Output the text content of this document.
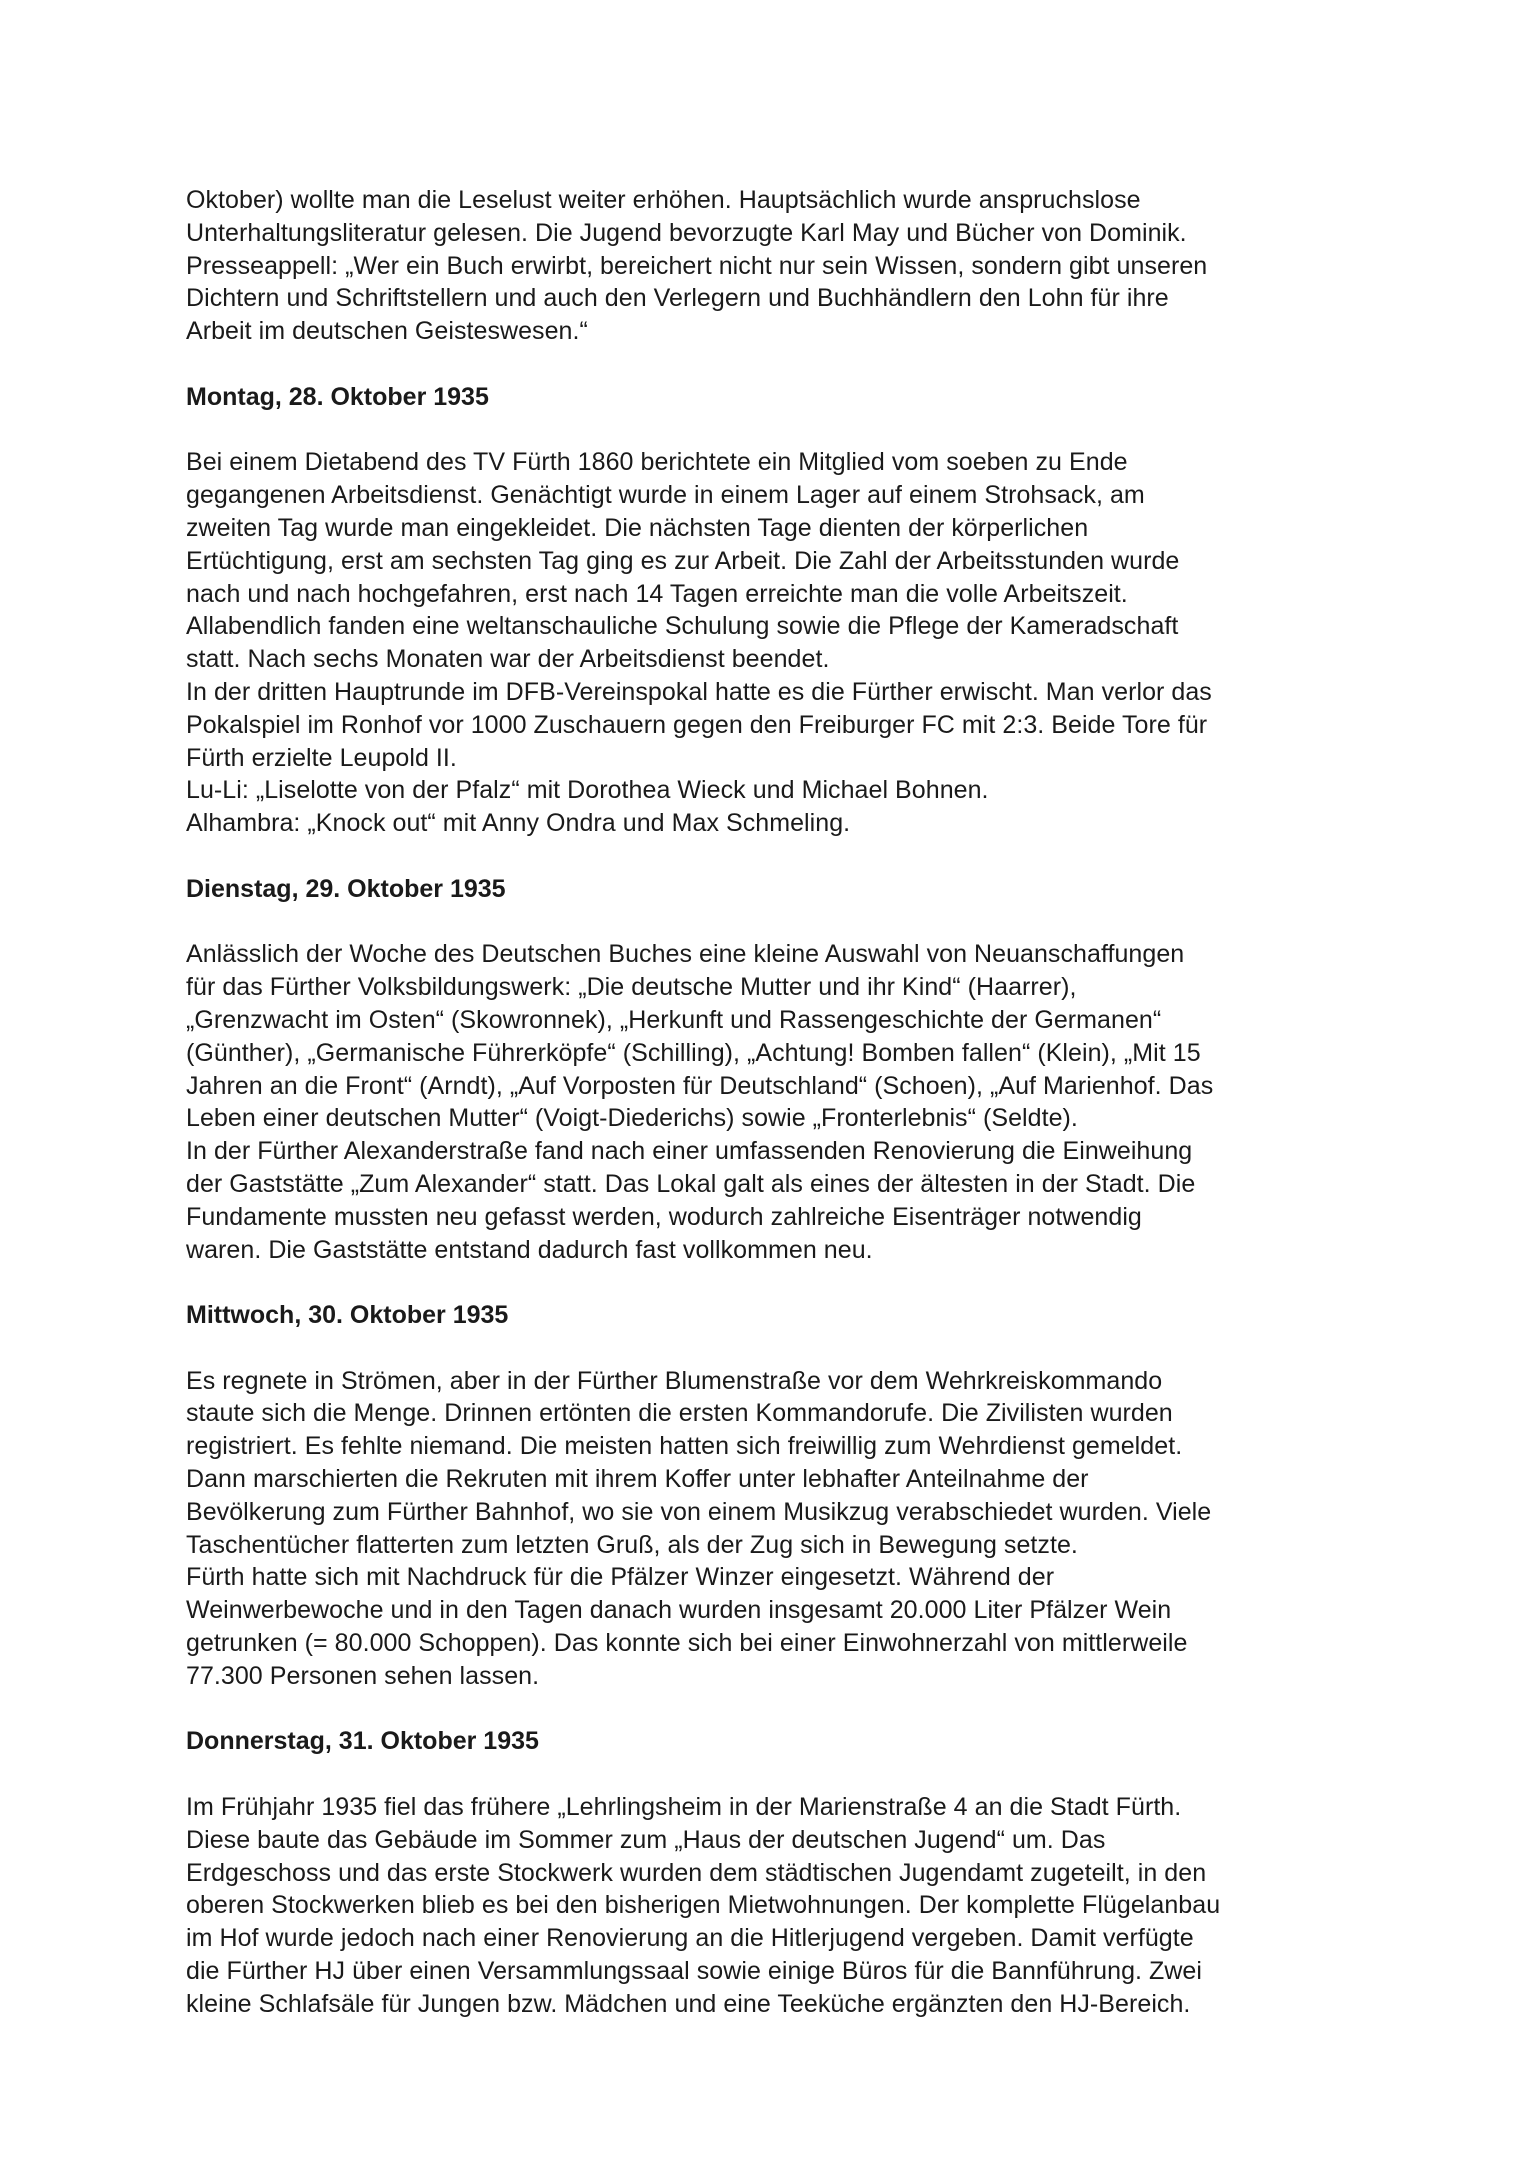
Oktober) wollte man die Leselust weiter erhöhen. Hauptsächlich wurde anspruchslose
Unterhaltungsliteratur gelesen. Die Jugend bevorzugte Karl May und Bücher von Dominik.
Presseappell: „Wer ein Buch erwirbt, bereichert nicht nur sein Wissen, sondern gibt unseren
Dichtern und Schriftstellern und auch den Verlegern und Buchhändlern den Lohn für ihre
Arbeit im deutschen Geisteswesen.“

Montag, 28. Oktober 1935

Bei einem Dietabend des TV Fürth 1860 berichtete ein Mitglied vom soeben zu Ende
gegangenen Arbeitsdienst. Genächtigt wurde in einem Lager auf einem Strohsack, am
zweiten Tag wurde man eingekleidet. Die nächsten Tage dienten der körperlichen
Ertüchtigung, erst am sechsten Tag ging es zur Arbeit. Die Zahl der Arbeitsstunden wurde
nach und nach hochgefahren, erst nach 14 Tagen erreichte man die volle Arbeitszeit.
Allabendlich fanden eine weltanschauliche Schulung sowie die Pflege der Kameradschaft
statt. Nach sechs Monaten war der Arbeitsdienst beendet.
In der dritten Hauptrunde im DFB-Vereinspokal hatte es die Fürther erwischt. Man verlor das
Pokalspiel im Ronhof vor 1000 Zuschauern gegen den Freiburger FC mit 2:3. Beide Tore für
Fürth erzielte Leupold II.
Lu-Li: „Liselotte von der Pfalz“ mit Dorothea Wieck und Michael Bohnen.
Alhambra: „Knock out“ mit Anny Ondra und Max Schmeling.

Dienstag, 29. Oktober 1935

Anlässlich der Woche des Deutschen Buches eine kleine Auswahl von Neuanschaffungen
für das Fürther Volksbildungswerk: „Die deutsche Mutter und ihr Kind“ (Haarrer),
„Grenzwacht im Osten“ (Skowronnek), „Herkunft und Rassengeschichte der Germanen“
(Günther), „Germanische Führerköpfe“ (Schilling), „Achtung! Bomben fallen“ (Klein), „Mit 15
Jahren an die Front“ (Arndt), „Auf Vorposten für Deutschland“ (Schoen), „Auf Marienhof. Das
Leben einer deutschen Mutter“ (Voigt-Diederichs) sowie „Fronterlebnis“ (Seldte).
In der Fürther Alexanderstraße fand nach einer umfassenden Renovierung die Einweihung
der Gaststätte „Zum Alexander“ statt. Das Lokal galt als eines der ältesten in der Stadt. Die
Fundamente mussten neu gefasst werden, wodurch zahlreiche Eisenträger notwendig
waren. Die Gaststätte entstand dadurch fast vollkommen neu.

Mittwoch, 30. Oktober 1935

Es regnete in Strömen, aber in der Fürther Blumenstraße vor dem Wehrkreiskommando
staute sich die Menge. Drinnen ertönten die ersten Kommandorufe. Die Zivilisten wurden
registriert. Es fehlte niemand. Die meisten hatten sich freiwillig zum Wehrdienst gemeldet.
Dann marschierten die Rekruten mit ihrem Koffer unter lebhafter Anteilnahme der
Bevölkerung zum Fürther Bahnhof, wo sie von einem Musikzug verabschiedet wurden. Viele
Taschentücher flatterten zum letzten Gruß, als der Zug sich in Bewegung setzte.
Fürth hatte sich mit Nachdruck für die Pfälzer Winzer eingesetzt. Während der
Weinwerbewoche und in den Tagen danach wurden insgesamt 20.000 Liter Pfälzer Wein
getrunken (= 80.000 Schoppen). Das konnte sich bei einer Einwohnerzahl von mittlerweile
77.300 Personen sehen lassen.

Donnerstag, 31. Oktober 1935

Im Frühjahr 1935 fiel das frühere „Lehrlingsheim in der Marienstraße 4 an die Stadt Fürth.
Diese baute das Gebäude im Sommer zum „Haus der deutschen Jugend“ um. Das
Erdgeschoss und das erste Stockwerk wurden dem städtischen Jugendamt zugeteilt, in den
oberen Stockwerken blieb es bei den bisherigen Mietwohnungen. Der komplette Flügelanbau
im Hof wurde jedoch nach einer Renovierung an die Hitlerjugend vergeben. Damit verfügte
die Fürther HJ über einen Versammlungssaal sowie einige Büros für die Bannführung. Zwei
kleine Schlafsäle für Jungen bzw. Mädchen und eine Teeküche ergänzten den HJ-Bereich.
